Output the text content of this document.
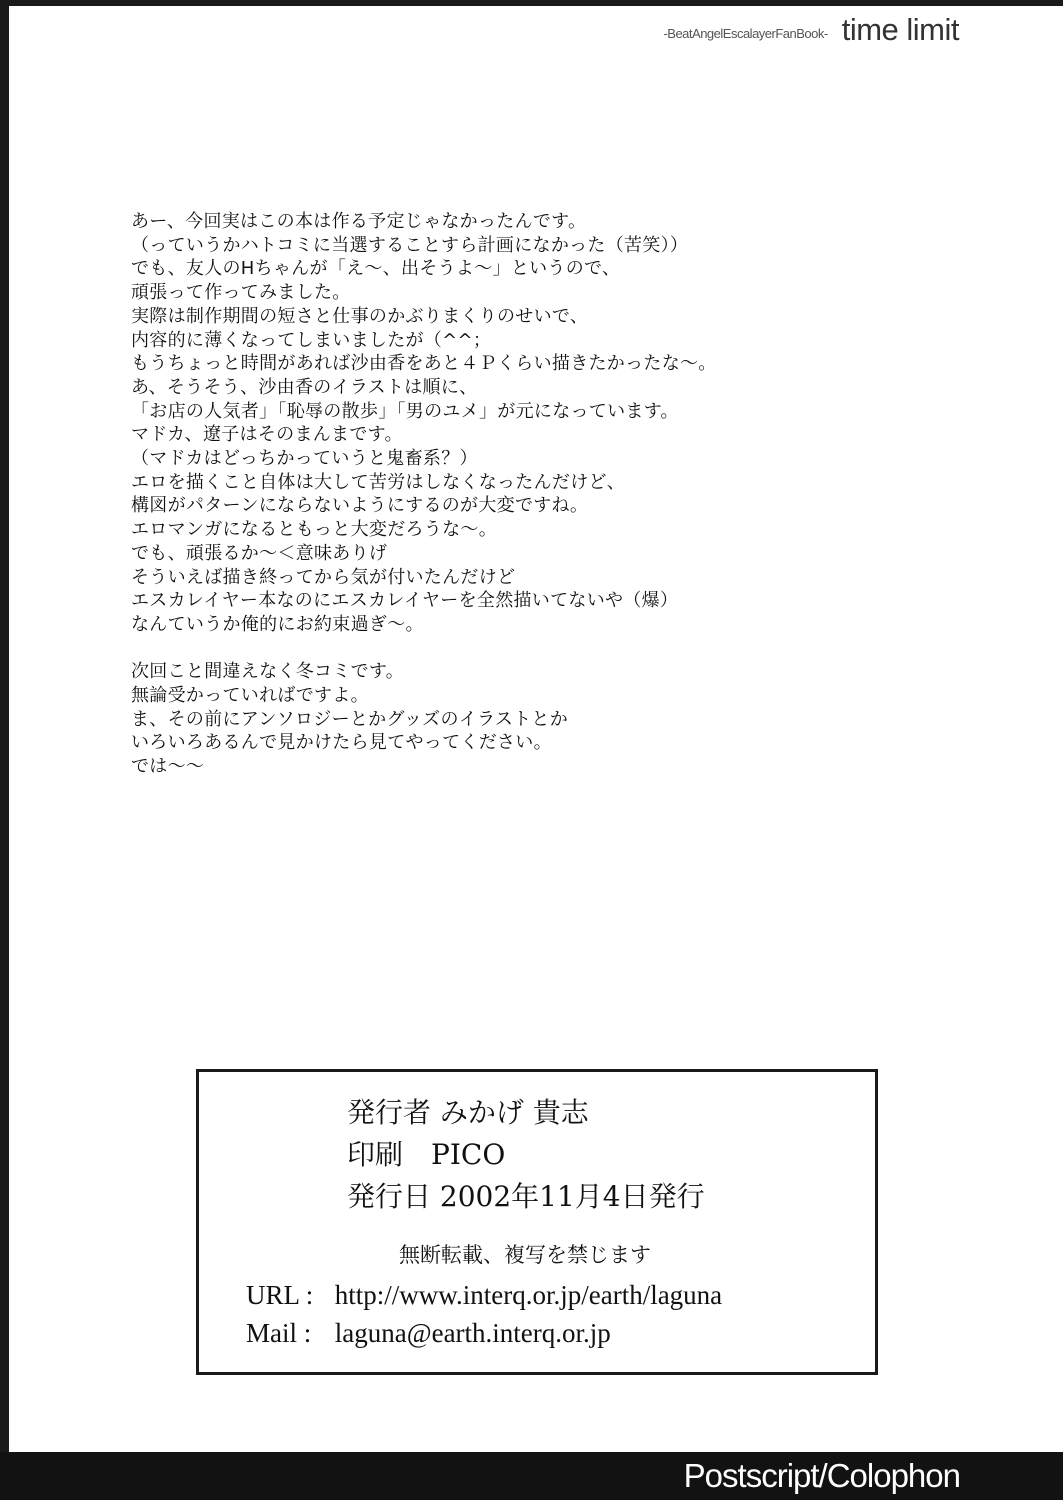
-BeatAngelEscalayerFanBook- time limit
あー、今回実はこの本は作る予定じゃなかったんです。
（っていうかハトコミに当選することすら計画になかった（苦笑））
でも、友人のHちゃんが「え～、出そうよ～」というので、
頑張って作ってみました。
実際は制作期間の短さと仕事のかぶりまくりのせいで、
内容的に薄くなってしまいましたが（^^；
もうちょっと時間があれば沙由香をあと４Ｐくらい描きたかったな～。
あ、そうそう、沙由香のイラストは順に、
「お店の人気者」「恥辱の散歩」「男のユメ」が元になっています。
マドカ、遼子はそのまんまです。
（マドカはどっちかっていうと鬼畜系？）
エロを描くこと自体は大して苦労はしなくなったんだけど、
構図がパターンにならないようにするのが大変ですね。
エロマンガになるともっと大変だろうな～。
でも、頑張るか～＜意味ありげ
そういえば描き終ってから気が付いたんだけど
エスカレイヤー本なのにエスカレイヤーを全然描いてないや（爆）
なんていうか俺的にお約束過ぎ～。
次回こと間違えなく冬コミです。
無論受かっていればですよ。
ま、その前にアンソロジーとかグッズのイラストとか
いろいろあるんで見かけたら見てやってください。
では～～
発行者 みかげ 貴志
印刷　PICO
発行日 2002年11月4日発行
無断転載、複写を禁じます
URL : http://www.interq.or.jp/earth/laguna
Mail : laguna@earth.interq.or.jp
Postscript/Colophon
